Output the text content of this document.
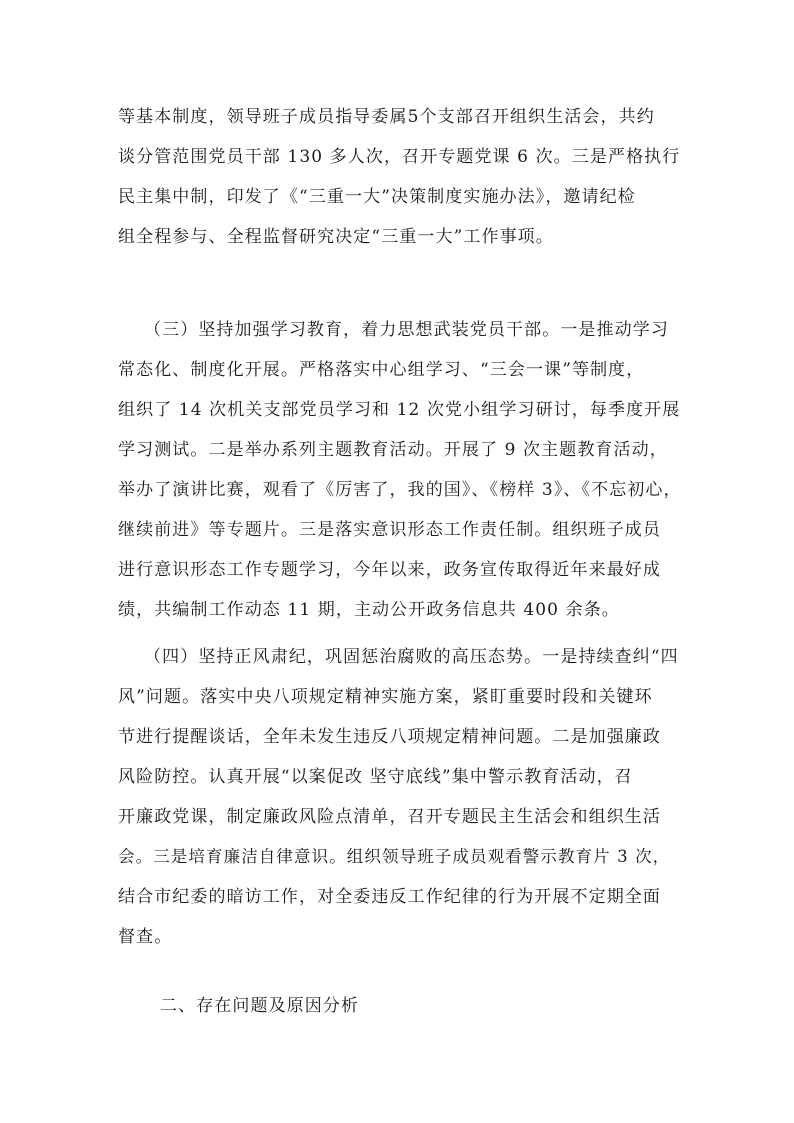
等基本制度，领导班子成员指导委属5个支部召开组织生活会，共约
谈分管范围党员干部 130 多人次，召开专题党课 6 次。三是严格执行
民主集中制，印发了《“三重一大”决策制度实施办法》，邀请纪检
组全程参与、全程监督研究决定“三重一大”工作事项。
（三）坚持加强学习教育，着力思想武装党员干部。一是推动学习
常态化、制度化开展。严格落实中心组学习、“三会一课”等制度，
组织了 14 次机关支部党员学习和 12 次党小组学习研讨，每季度开展
学习测试。二是举办系列主题教育活动。开展了 9 次主题教育活动，
举办了演讲比赛，观看了《厉害了，我的国》、《榜样 3》、《不忘初心，
继续前进》等专题片。三是落实意识形态工作责任制。组织班子成员
进行意识形态工作专题学习，今年以来，政务宣传取得近年来最好成
绩，共编制工作动态 11 期，主动公开政务信息共 400 余条。
（四）坚持正风肃纪，巩固惩治腐败的高压态势。一是持续查纠“四
风”问题。落实中央八项规定精神实施方案，紧盯重要时段和关键环
节进行提醒谈话，全年未发生违反八项规定精神问题。二是加强廉政
风险防控。认真开展“以案促改 坚守底线”集中警示教育活动，召
开廉政党课，制定廉政风险点清单，召开专题民主生活会和组织生活
会。三是培育廉洁自律意识。组织领导班子成员观看警示教育片 3 次，
结合市纪委的暗访工作，对全委违反工作纪律的行为开展不定期全面
督查。
二、存在问题及原因分析
